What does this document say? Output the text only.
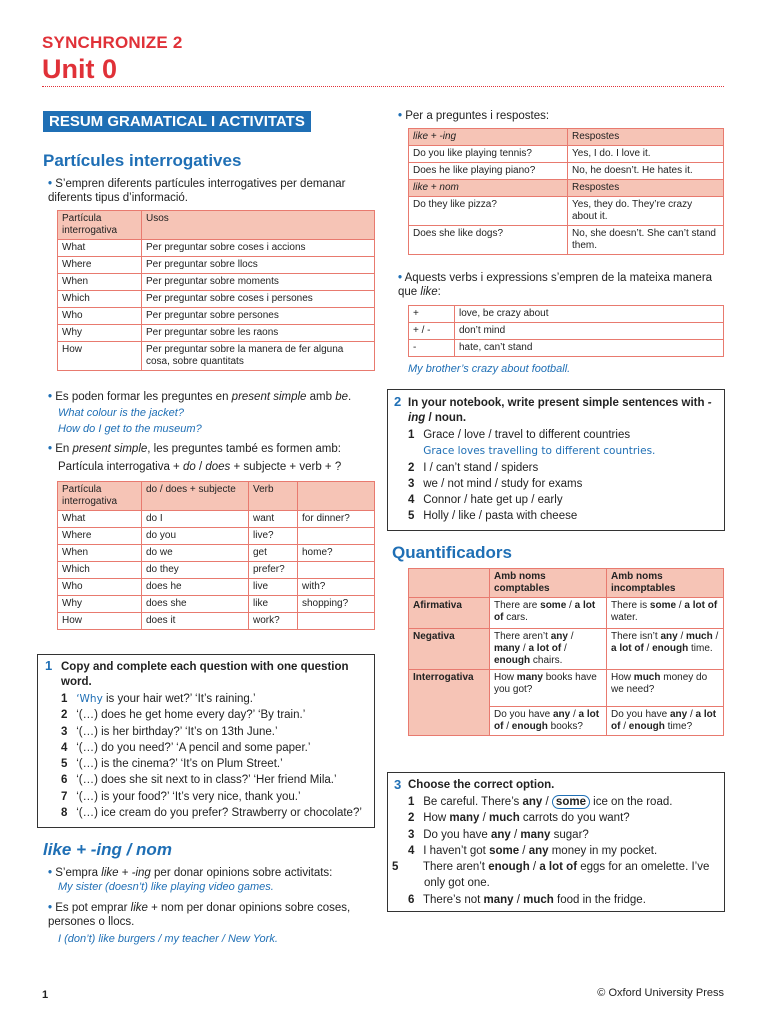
SYNCHRONIZE 2
Unit 0
RESUM GRAMATICAL I ACTIVITATS
Partícules interrogatives
• S’empren diferents partícules interrogatives per demanar diferents tipus d’informació.
Partícula interrogativa	Usos
What	Per preguntar sobre coses i accions
Where	Per preguntar sobre llocs
When	Per preguntar sobre moments
Which	Per preguntar sobre coses i persones
Who	Per preguntar sobre persones
Why	Per preguntar sobre les raons
How	Per preguntar sobre la manera de fer alguna cosa, sobre quantitats
• Es poden formar les preguntes en present simple amb be.
What colour is the jacket?
How do I get to the museum?
• En present simple, les preguntes també es formen amb:
Partícula interrogativa + do / does + subjecte + verb + ?
Partícula interrogativa	do / does + subjecte	Verb	
What	do I	want	for dinner?
Where	do you	live?	
When	do we	get	home?
Which	do they	prefer?	
Who	does he	live	with?
Why	does she	like	shopping?
How	does it	work?	
1 Copy and complete each question with one question word.
1 ‘Why is your hair wet?’ ‘It’s raining.’
2 ‘(…) does he get home every day?’ ‘By train.’
3 ‘(…) is her birthday?’ ‘It’s on 13th June.’
4 ‘(…) do you need?’ ‘A pencil and some paper.’
5 ‘(…) is the cinema?’ ‘It’s on Plum Street.’
6 ‘(…) does she sit next to in class?’ ‘Her friend Mila.’
7 ‘(…) is your food?’ ‘It’s very nice, thank you.’
8 ‘(…) ice cream do you prefer? Strawberry or chocolate?’
like + -ing / nom
• S’empra like + -ing per donar opinions sobre activitats:
My sister (doesn’t) like playing video games.
• Es pot emprar like + nom per donar opinions sobre coses, persones o llocs.
I (don’t) like burgers / my teacher / New York.
• Per a preguntes i respostes:
like + -ing	Respostes
Do you like playing tennis?	Yes, I do. I love it.
Does he like playing piano?	No, he doesn’t. He hates it.
like + nom	Respostes
Do they like pizza?	Yes, they do. They’re crazy about it.
Does she like dogs?	No, she doesn’t. She can’t stand them.
• Aquests verbs i expressions s’empren de la mateixa manera que like:
+	love, be crazy about
+ / -	don’t mind
-	hate, can’t stand
My brother’s crazy about football.
2 In your notebook, write present simple sentences with -ing / noun.
1 Grace / love / travel to different countries
Grace loves travelling to different countries.
2 I / can’t stand / spiders
3 we / not mind / study for exams
4 Connor / hate get up / early
5 Holly / like / pasta with cheese
Quantificadors
	Amb noms comptables	Amb noms incomptables
Afirmativa	There are some / a lot of cars.	There is some / a lot of water.
Negativa	There aren’t any / many / a lot of / enough chairs.	There isn’t any / much / a lot of / enough time.
Interrogativa	How many books have you got?	How much money do we need?
	Do you have any / a lot of / enough books?	Do you have any / a lot of / enough time?
3 Choose the correct option.
1 Be careful. There’s any / some ice on the road.
2 How many / much carrots do you want?
3 Do you have any / many sugar?
4 I haven’t got some / any money in my pocket.
5 There aren’t enough / a lot of eggs for an omelette. I’ve only got one.
6 There’s not many / much food in the fridge.
1	© Oxford University Press
